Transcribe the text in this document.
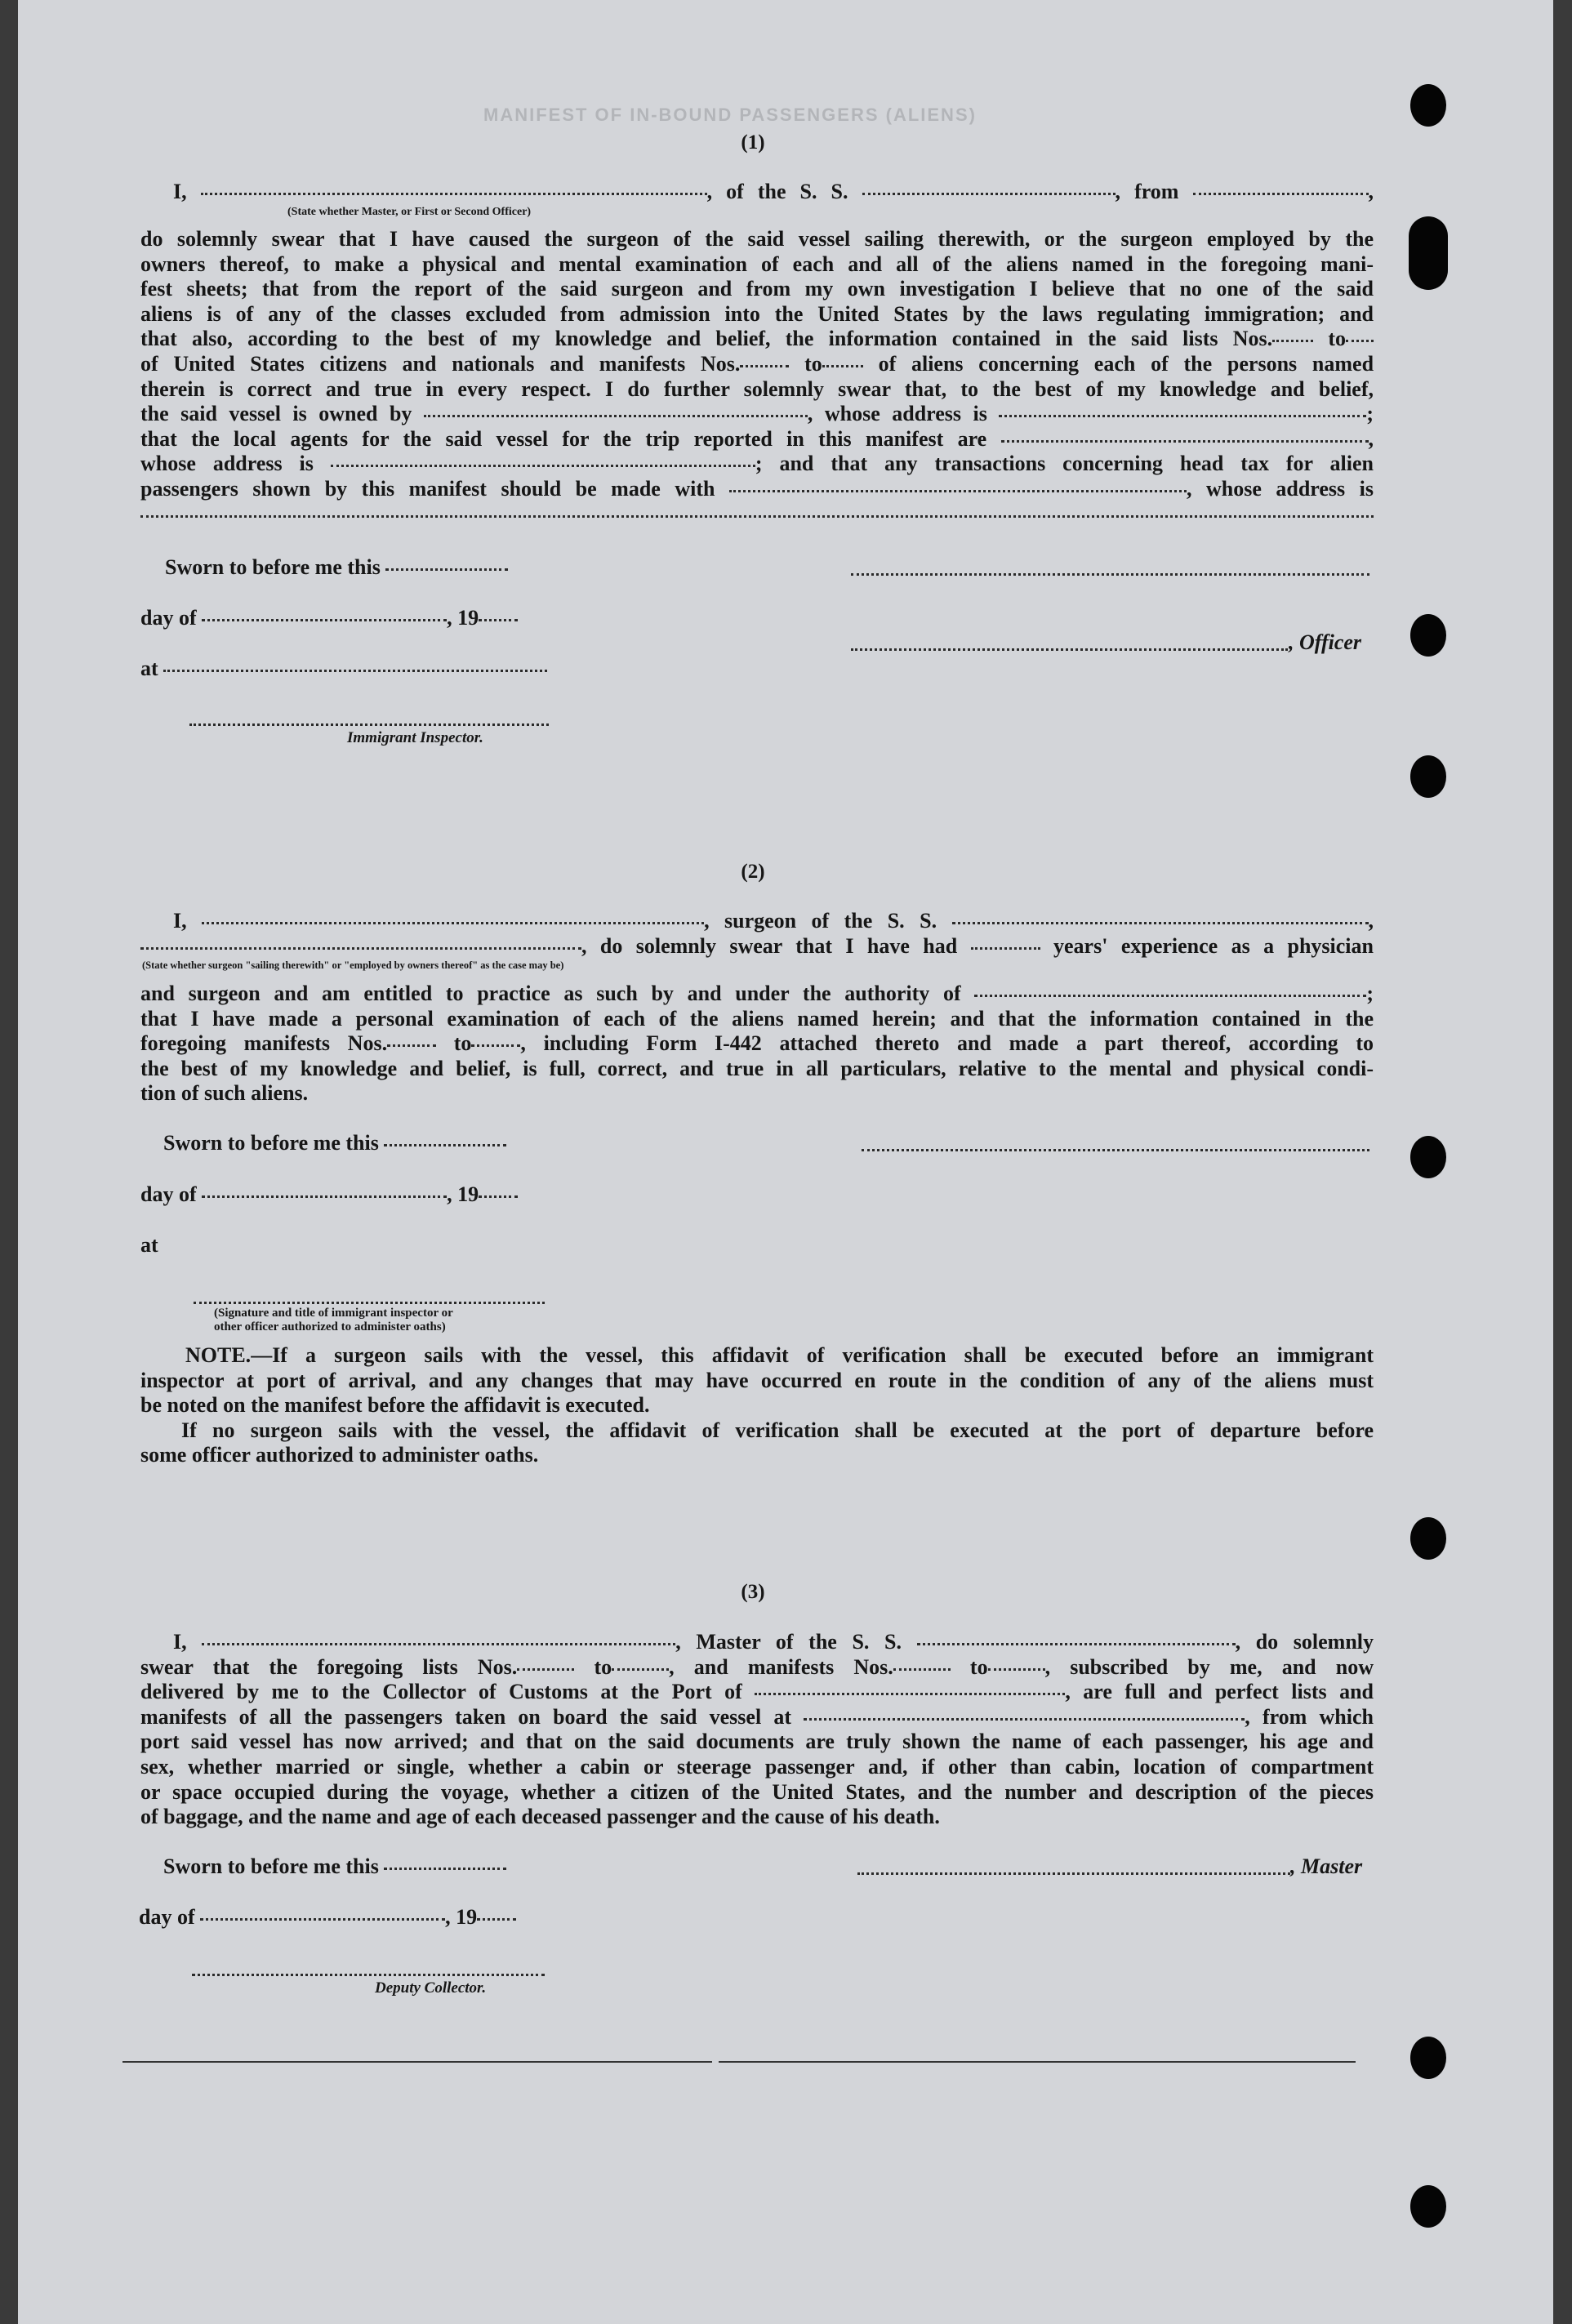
MANIFEST OF IN-BOUND PASSENGERS (ALIENS)
(1)
I,	, of the S. S.	, from	,
(State whether Master, or First or Second Officer)
do solemnly swear that I have caused the surgeon of the said vessel sailing therewith, or the surgeon employed by the
owners thereof, to make a physical and mental examination of each and all of the aliens named in the foregoing mani-
fest sheets; that from the report of the said surgeon and from my own investigation I believe that no one of the said
aliens is of any of the classes excluded from admission into the United States by the laws regulating immigration; and
that also, according to the best of my knowledge and belief, the information contained in the said lists Nos.	to
of United States citizens and nationals and manifests Nos.	to	of aliens concerning each of the persons named
therein is correct and true in every respect. I do further solemnly swear that, to the best of my knowledge and belief,
the said vessel is owned by	, whose address is	;
that the local agents for the said vessel for the trip reported in this manifest are	,
whose address is	; and that any transactions concerning head tax for alien
passengers shown by this manifest should be made with	, whose address is
Sworn to before me this
day of	, 19
at
Immigrant Inspector.
, Officer
(2)
I,	, surgeon of the S. S.	,
, do solemnly swear that I have had	years' experience as a physician
(State whether surgeon "sailing therewith" or "employed by owners thereof" as the case may be)
and surgeon and am entitled to practice as such by and under the authority of	;
that I have made a personal examination of each of the aliens named herein; and that the information contained in the
foregoing manifests Nos.	to , including Form I-442 attached thereto and made a part thereof, according to
the best of my knowledge and belief, is full, correct, and true in all particulars, relative to the mental and physical condi-
tion of such aliens.
Sworn to before me this
day of	, 19
at
(Signature and title of immigrant inspector or
other officer authorized to administer oaths)
NOTE.—If a surgeon sails with the vessel, this affidavit of verification shall be executed before an immigrant
inspector at port of arrival, and any changes that may have occurred en route in the condition of any of the aliens must
be noted on the manifest before the affidavit is executed.
If no surgeon sails with the vessel, the affidavit of verification shall be executed at the port of departure before
some officer authorized to administer oaths.
(3)
I,	, Master of the S. S.	, do solemnly
swear that the foregoing lists Nos.	to	, and manifests Nos.	to	, subscribed by me, and now
delivered by me to the Collector of Customs at the Port of	, are full and perfect lists and
manifests of all the passengers taken on board the said vessel at	, from which
port said vessel has now arrived; and that on the said documents are truly shown the name of each passenger, his age and
sex, whether married or single, whether a cabin or steerage passenger and, if other than cabin, location of compartment
or space occupied during the voyage, whether a citizen of the United States, and the number and description of the pieces
of baggage, and the name and age of each deceased passenger and the cause of his death.
Sworn to before me this
day of	, 19
Deputy Collector.
, Master
